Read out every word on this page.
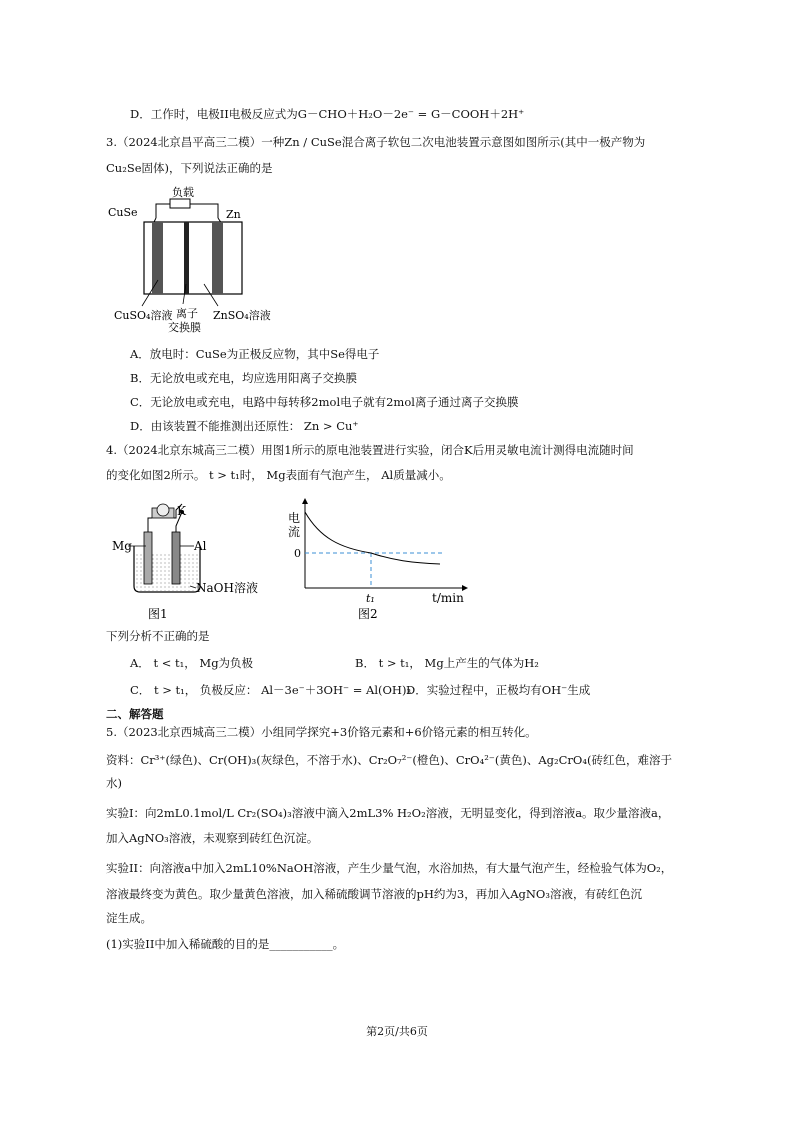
D．工作时，电极II电极反应式为G－CHO＋H₂O－2e⁻ = G－COOH＋2H⁺
3.（2024北京昌平高三二模）一种Zn / CuSe混合离子软包二次电池装置示意图如图所示(其中一极产物为
Cu₂Se固体)，下列说法正确的是
负载
CuSe	Zn
CuSO₄溶液 离子
交换膜
ZnSO₄溶液
A．放电时：CuSe为正极反应物，其中Se得电子
B．无论放电或充电，均应选用阳离子交换膜
C．无论放电或充电，电路中每转移2mol电子就有2mol离子通过离子交换膜
D．由该装置不能推测出还原性： Zn > Cu⁺
4.（2024北京东城高三二模）用图1所示的原电池装置进行实验，闭合K后用灵敏电流计测得电流随时间
的变化如图2所示。 t > t₁时， Mg表面有气泡产生， Al质量减小。
K
Mg	Al
NaOH溶液
图1
电
流
0
t₁	t/min
图2
下列分析不正确的是
A． t < t₁， Mg为负极	B． t > t₁， Mg上产生的气体为H₂
C． t > t₁， 负极反应： Al－3e⁻＋3OH⁻ = Al(OH)₃
D．实验过程中，正极均有OH⁻生成
二、解答题
5.（2023北京西城高三二模）小组同学探究+3价铬元素和+6价铬元素的相互转化。
资料：Cr³⁺(绿色)、Cr(OH)₃(灰绿色，不溶于水)、Cr₂O₇²⁻(橙色)、CrO₄²⁻(黄色)、Ag₂CrO₄(砖红色，难溶于
水)
实验I：向2mL0.1mol/L Cr₂(SO₄)₃溶液中滴入2mL3% H₂O₂溶液，无明显变化，得到溶液a。取少量溶液a，
加入AgNO₃溶液，未观察到砖红色沉淀。
实验II：向溶液a中加入2mL10%NaOH溶液，产生少量气泡，水浴加热，有大量气泡产生，经检验气体为O₂，
溶液最终变为黄色。取少量黄色溶液，加入稀硫酸调节溶液的pH约为3，再加入AgNO₃溶液，有砖红色沉
淀生成。
(1)实验II中加入稀硫酸的目的是___________。
第2页/共6页
